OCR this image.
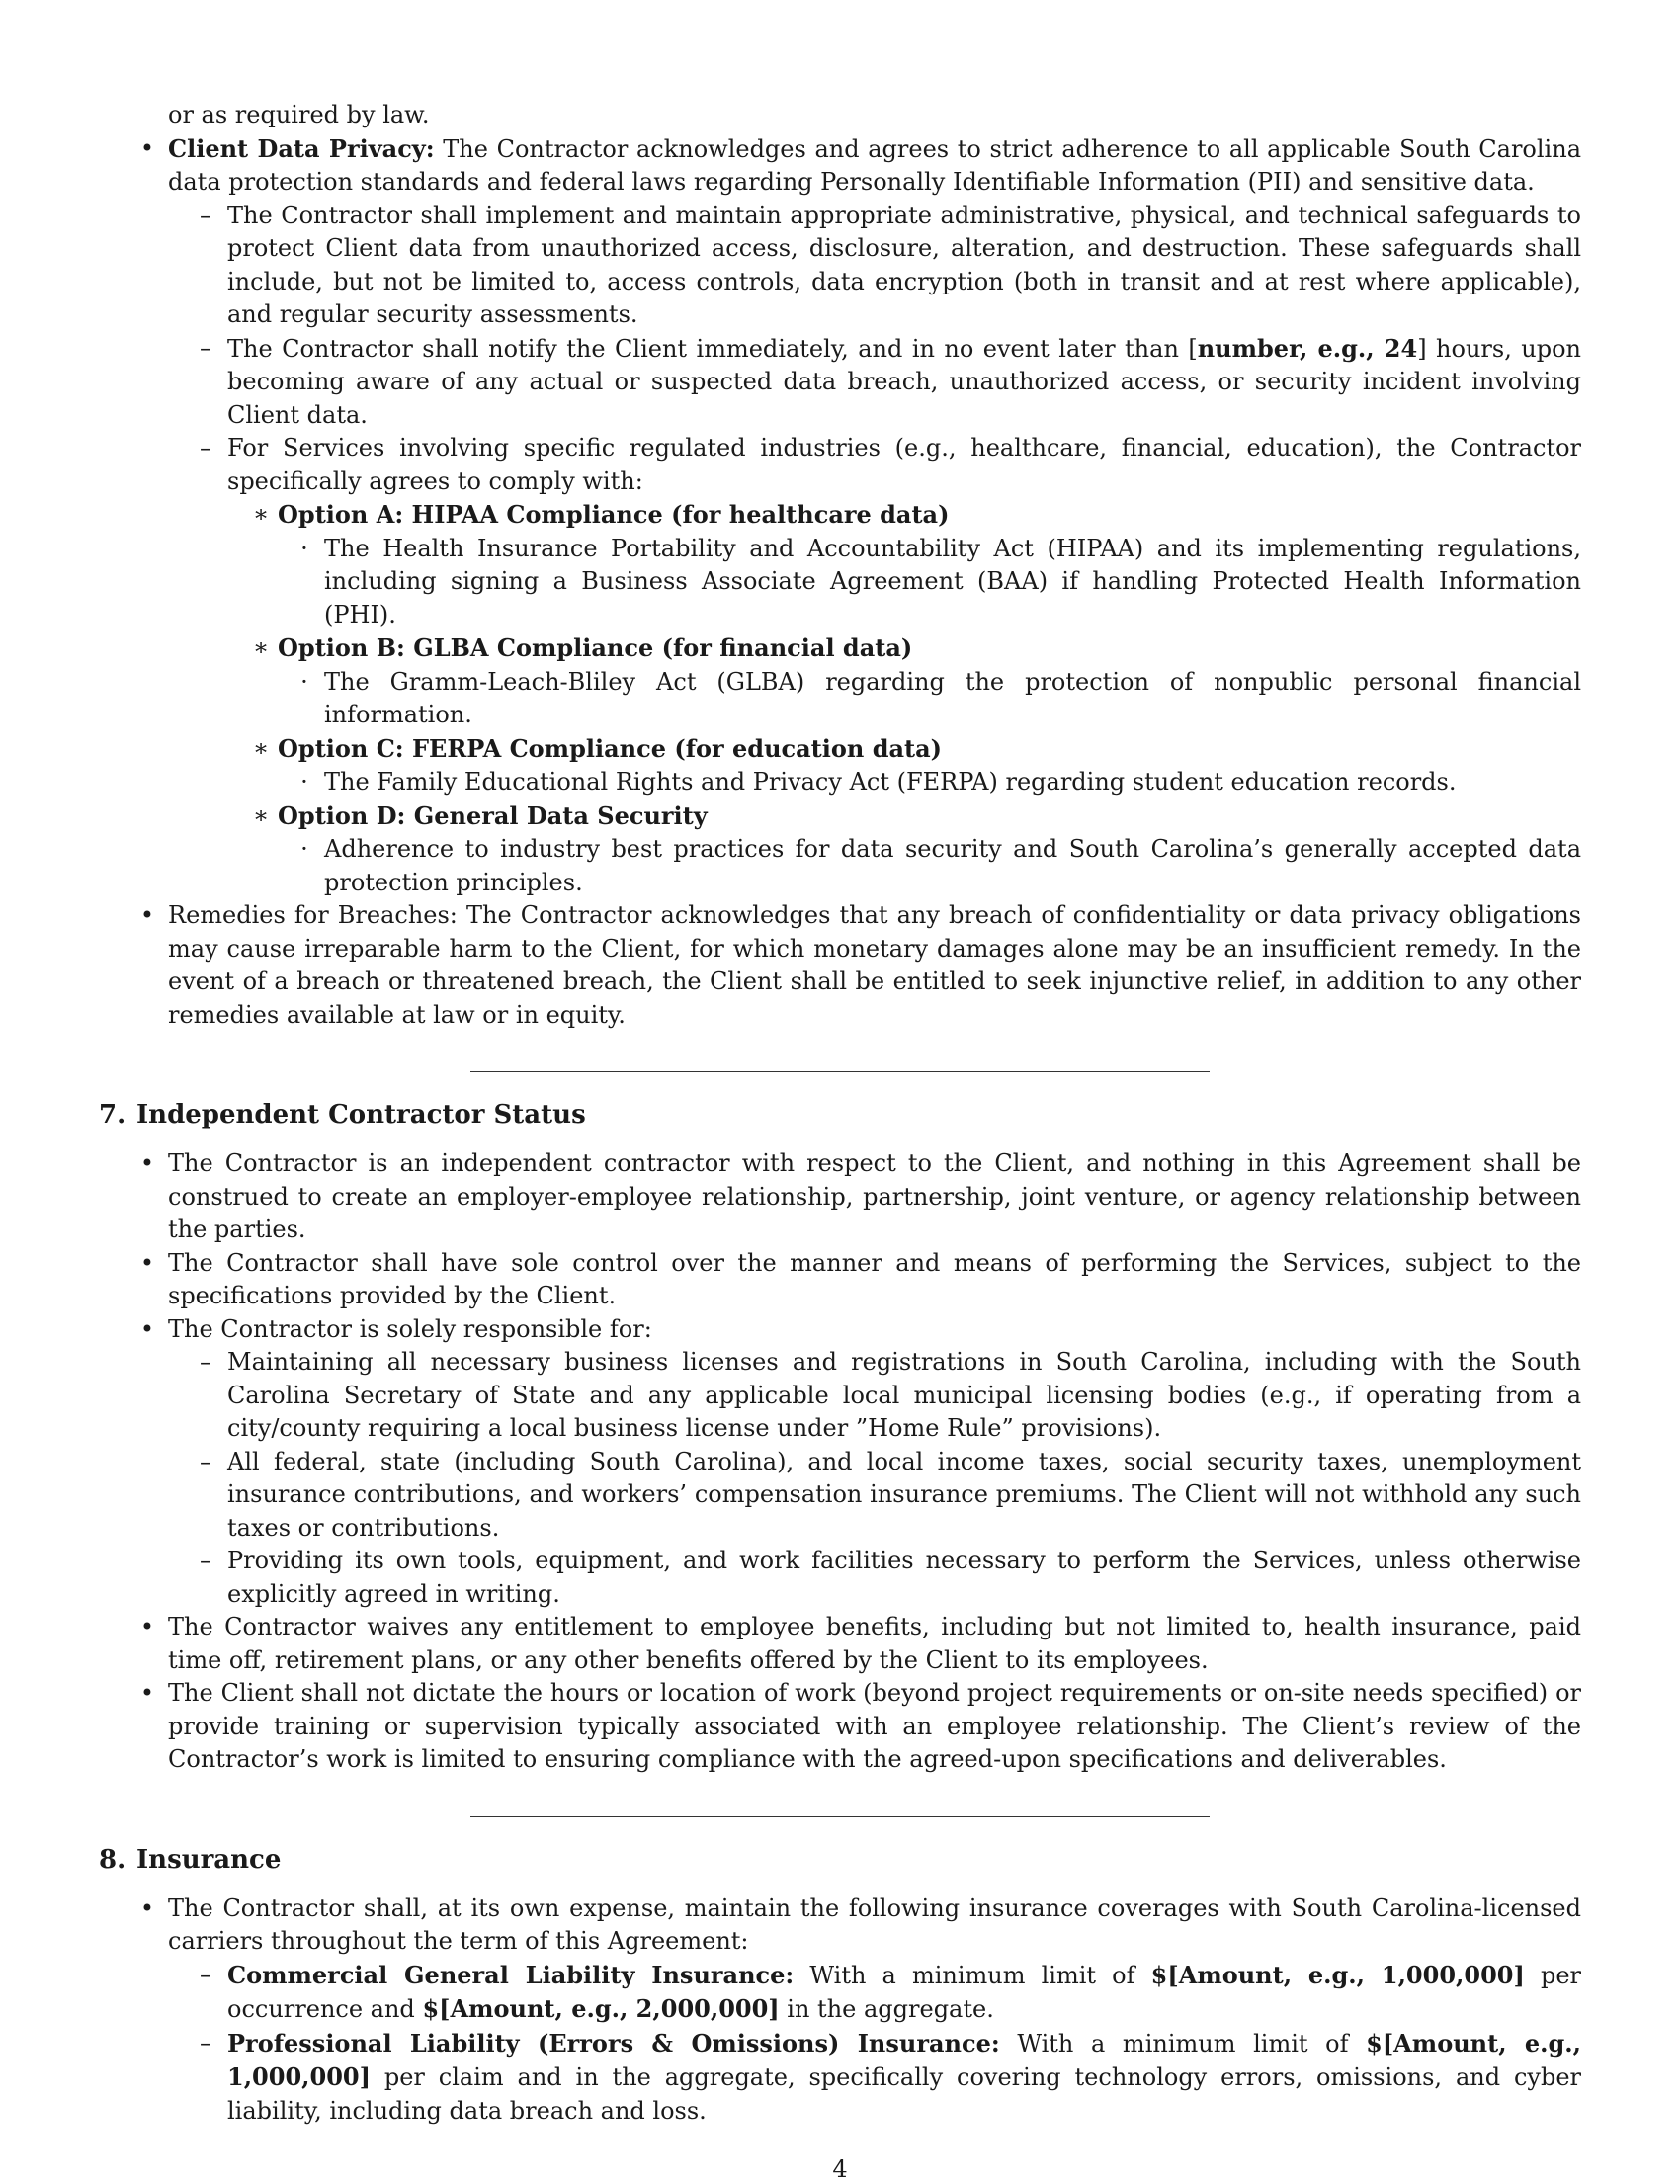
or as required by law.

• Client Data Privacy: The Contractor acknowledges and agrees to strict adherence to all applicable South Carolina data protection standards and federal laws regarding Personally Identifiable Information (PII) and sensitive data.
– The Contractor shall implement and maintain appropriate administrative, physical, and technical safeguards to protect Client data from unauthorized access, disclosure, alteration, and destruction. These safeguards shall include, but not be limited to, access controls, data encryption (both in transit and at rest where applicable), and regular security assessments.
– The Contractor shall notify the Client immediately, and in no event later than [number, e.g., 24] hours, upon becoming aware of any actual or suspected data breach, unauthorized access, or security incident involving Client data.
– For Services involving specific regulated industries (e.g., healthcare, financial, education), the Contractor specifically agrees to comply with:
∗ Option A: HIPAA Compliance (for healthcare data)
· The Health Insurance Portability and Accountability Act (HIPAA) and its implementing regulations, including signing a Business Associate Agreement (BAA) if handling Protected Health Information (PHI).
∗ Option B: GLBA Compliance (for financial data)
· The Gramm-Leach-Bliley Act (GLBA) regarding the protection of nonpublic personal financial information.
∗ Option C: FERPA Compliance (for education data)
· The Family Educational Rights and Privacy Act (FERPA) regarding student education records.
∗ Option D: General Data Security
· Adherence to industry best practices for data security and South Carolina’s generally accepted data protection principles.
• Remedies for Breaches: The Contractor acknowledges that any breach of confidentiality or data privacy obligations may cause irreparable harm to the Client, for which monetary damages alone may be an insufficient remedy. In the event of a breach or threatened breach, the Client shall be entitled to seek injunctive relief, in addition to any other remedies available at law or in equity.
7. Independent Contractor Status
• The Contractor is an independent contractor with respect to the Client, and nothing in this Agreement shall be construed to create an employer-employee relationship, partnership, joint venture, or agency relationship between the parties.
• The Contractor shall have sole control over the manner and means of performing the Services, subject to the specifications provided by the Client.
• The Contractor is solely responsible for:
– Maintaining all necessary business licenses and registrations in South Carolina, including with the South Carolina Secretary of State and any applicable local municipal licensing bodies (e.g., if operating from a city/county requiring a local business license under ”Home Rule” provisions).
– All federal, state (including South Carolina), and local income taxes, social security taxes, unemployment insurance contributions, and workers’ compensation insurance premiums. The Client will not withhold any such taxes or contributions.
– Providing its own tools, equipment, and work facilities necessary to perform the Services, unless otherwise explicitly agreed in writing.
• The Contractor waives any entitlement to employee benefits, including but not limited to, health insurance, paid time off, retirement plans, or any other benefits offered by the Client to its employees.
• The Client shall not dictate the hours or location of work (beyond project requirements or on-site needs specified) or provide training or supervision typically associated with an employee relationship. The Client’s review of the Contractor’s work is limited to ensuring compliance with the agreed-upon specifications and deliverables.
8. Insurance
• The Contractor shall, at its own expense, maintain the following insurance coverages with South Carolina-licensed carriers throughout the term of this Agreement:
– Commercial General Liability Insurance: With a minimum limit of $[Amount, e.g., 1,000,000] per occurrence and $[Amount, e.g., 2,000,000] in the aggregate.
– Professional Liability (Errors & Omissions) Insurance: With a minimum limit of $[Amount, e.g., 1,000,000] per claim and in the aggregate, specifically covering technology errors, omissions, and cyber liability, including data breach and loss.
4
